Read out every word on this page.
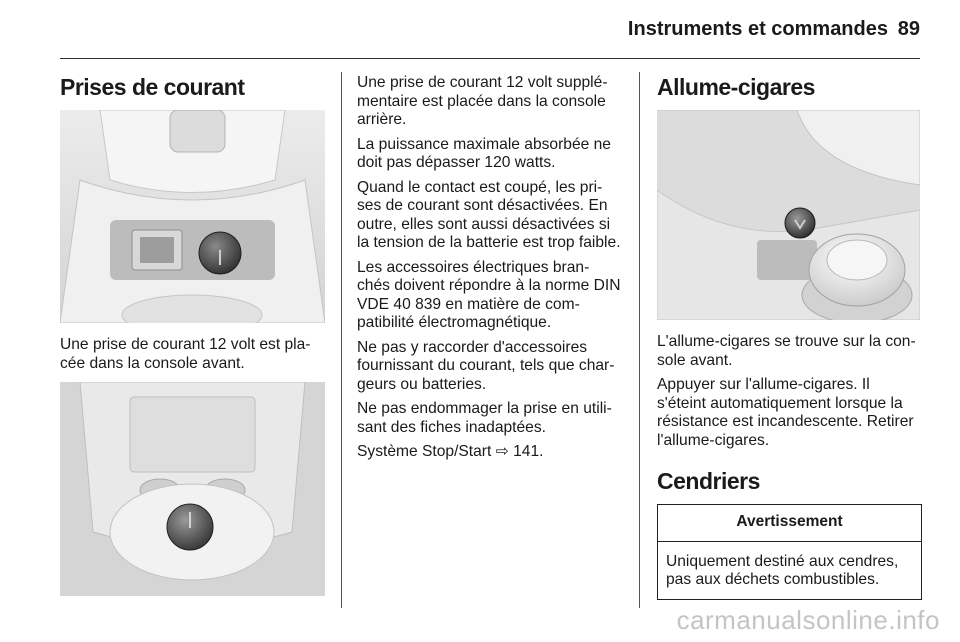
Instruments et commandes 89
Prises de courant

Une prise de courant 12 volt est pla-cée dans la console avant.

Une prise de courant 12 volt supplé-mentaire est placée dans la console arrière.

La puissance maximale absorbée ne doit pas dépasser 120 watts.

Quand le contact est coupé, les pri-ses de courant sont désactivées. En outre, elles sont aussi désactivées si la tension de la batterie est trop faible.

Les accessoires électriques bran-chés doivent répondre à la norme DIN VDE 40 839 en matière de com-patibilité électromagnétique.

Ne pas y raccorder d'accessoires fournissant du courant, tels que char-geurs ou batteries.

Ne pas endommager la prise en utili-sant des fiches inadaptées.

Système Stop/Start ⇨ 141.

Allume-cigares

L'allume-cigares se trouve sur la con-sole avant.

Appuyer sur l'allume-cigares. Il s'éteint automatiquement lorsque la résistance est incandescente. Retirer l'allume-cigares.

Cendriers
Avertissement
Uniquement destiné aux cendres, pas aux déchets combustibles.
carmanualsonline.info
